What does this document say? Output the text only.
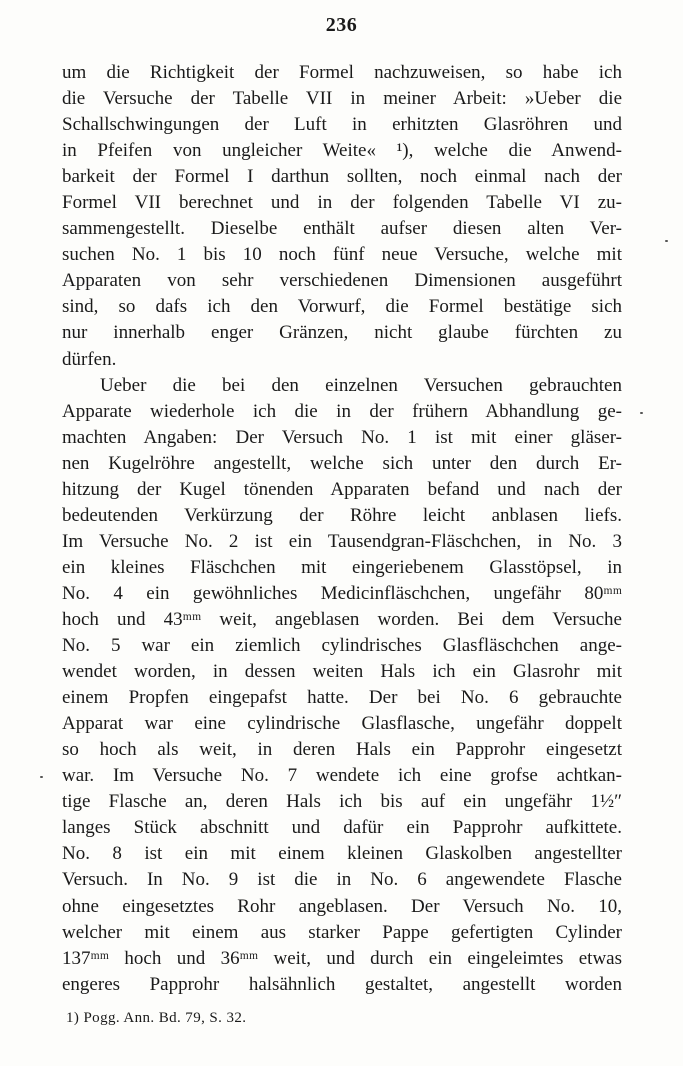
236
um die Richtigkeit der Formel nachzuweisen, so habe ich
die Versuche der Tabelle VII in meiner Arbeit: »Ueber die
Schallschwingungen der Luft in erhitzten Glasröhren und
in Pfeifen von ungleicher Weite« ¹), welche die Anwend-
barkeit der Formel I darthun sollten, noch einmal nach der
Formel VII berechnet und in der folgenden Tabelle VI zu-
sammengestellt. Dieselbe enthält aufser diesen alten Ver-
suchen No. 1 bis 10 noch fünf neue Versuche, welche mit
Apparaten von sehr verschiedenen Dimensionen ausgeführt
sind, so dafs ich den Vorwurf, die Formel bestätige sich
nur innerhalb enger Gränzen, nicht glaube fürchten zu
dürfen.
Ueber die bei den einzelnen Versuchen gebrauchten
Apparate wiederhole ich die in der frühern Abhandlung ge-
machten Angaben: Der Versuch No. 1 ist mit einer gläser-
nen Kugelröhre angestellt, welche sich unter den durch Er-
hitzung der Kugel tönenden Apparaten befand und nach der
bedeutenden Verkürzung der Röhre leicht anblasen liefs.
Im Versuche No. 2 ist ein Tausendgran-Fläschchen, in No. 3
ein kleines Fläschchen mit eingeriebenem Glasstöpsel, in
No. 4 ein gewöhnliches Medicinfläschchen, ungefähr 80ᵐᵐ
hoch und 43ᵐᵐ weit, angeblasen worden. Bei dem Versuche
No. 5 war ein ziemlich cylindrisches Glasfläschchen ange-
wendet worden, in dessen weiten Hals ich ein Glasrohr mit
einem Propfen eingepafst hatte. Der bei No. 6 gebrauchte
Apparat war eine cylindrische Glasflasche, ungefähr doppelt
so hoch als weit, in deren Hals ein Papprohr eingesetzt
war. Im Versuche No. 7 wendete ich eine grofse achtkan-
tige Flasche an, deren Hals ich bis auf ein ungefähr 1½″
langes Stück abschnitt und dafür ein Papprohr aufkittete.
No. 8 ist ein mit einem kleinen Glaskolben angestellter
Versuch. In No. 9 ist die in No. 6 angewendete Flasche
ohne eingesetztes Rohr angeblasen. Der Versuch No. 10,
welcher mit einem aus starker Pappe gefertigten Cylinder
137ᵐᵐ hoch und 36ᵐᵐ weit, und durch ein eingeleimtes etwas
engeres Papprohr halsähnlich gestaltet, angestellt worden
1) Pogg. Ann. Bd. 79, S. 32.
